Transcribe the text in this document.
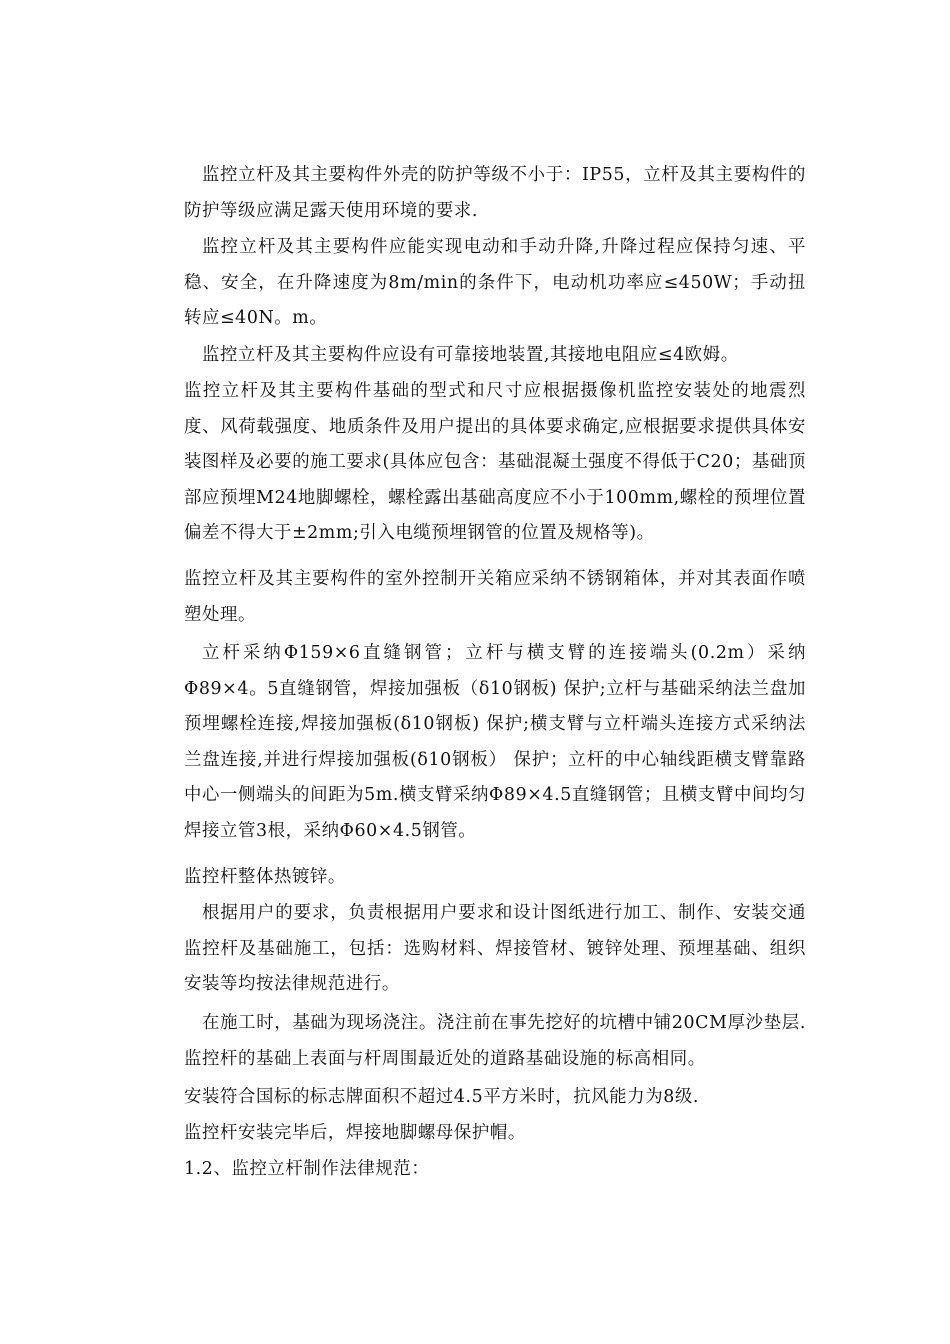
监控立杆及其主要构件外壳的防护等级不小于：IP55，立杆及其主要构件的防护等级应满足露天使用环境的要求.

监控立杆及其主要构件应能实现电动和手动升降,升降过程应保持匀速、平稳、安全，在升降速度为8m/min的条件下，电动机功率应≤450W；手动扭转应≤40N。m。

监控立杆及其主要构件应设有可靠接地装置,其接地电阻应≤4欧姆。

监控立杆及其主要构件基础的型式和尺寸应根据摄像机监控安装处的地震烈度、风荷载强度、地质条件及用户提出的具体要求确定,应根据要求提供具体安装图样及必要的施工要求(具体应包含：基础混凝土强度不得低于C20；基础顶部应预埋M24地脚螺栓，螺栓露出基础高度应不小于100mm,螺栓的预埋位置偏差不得大于±2mm;引入电缆预埋钢管的位置及规格等)。

监控立杆及其主要构件的室外控制开关箱应采纳不锈钢箱体，并对其表面作喷塑处理。

立杆采纳Φ159×6直缝钢管；立杆与横支臂的连接端头(0.2m）采纳Φ89×4。5直缝钢管，焊接加强板（δ10钢板) 保护;立杆与基础采纳法兰盘加预埋螺栓连接,焊接加强板(δ10钢板) 保护;横支臂与立杆端头连接方式采纳法兰盘连接,并进行焊接加强板(δ10钢板） 保护；立杆的中心轴线距横支臂靠路中心一侧端头的间距为5m.横支臂采纳Φ89×4.5直缝钢管；且横支臂中间均匀焊接立管3根，采纳Φ60×4.5钢管。

监控杆整体热镀锌。

根据用户的要求，负责根据用户要求和设计图纸进行加工、制作、安装交通监控杆及基础施工，包括：选购材料、焊接管材、镀锌处理、预埋基础、组织安装等均按法律规范进行。

在施工时，基础为现场浇注。浇注前在事先挖好的坑槽中铺20CM厚沙垫层.监控杆的基础上表面与杆周围最近处的道路基础设施的标高相同。

安装符合国标的标志牌面积不超过4.5平方米时，抗风能力为8级.

监控杆安装完毕后，焊接地脚螺母保护帽。

1.2、监控立杆制作法律规范：
